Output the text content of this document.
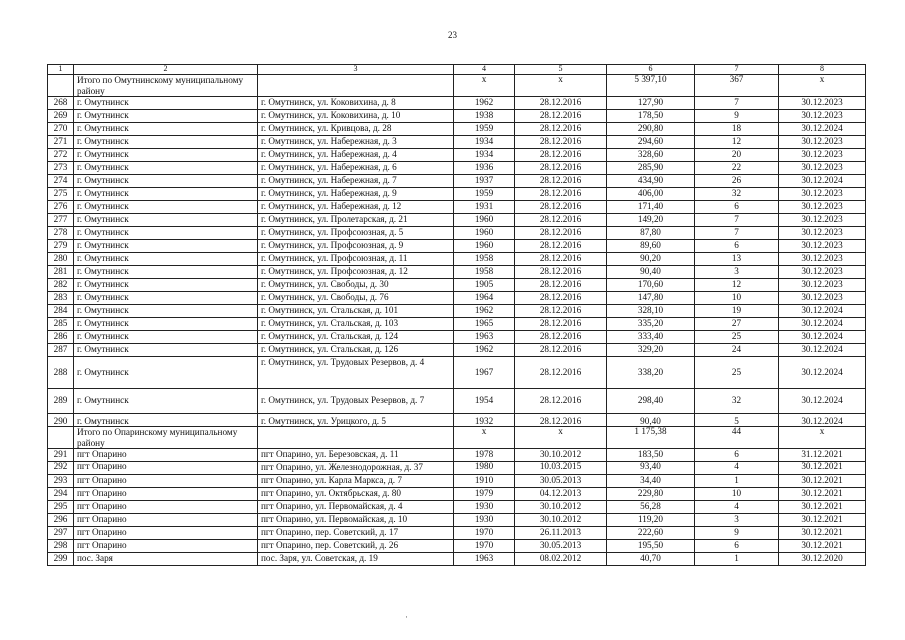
23
1	2	3	4	5	6	7	8
	Итого по Омутнинскому муниципальному району		x	x	5 397,10	367	x
268	г. Омутнинск	г. Омутнинск, ул. Коковихина, д. 8	1962	28.12.2016	127,90	7	30.12.2023
269	г. Омутнинск	г. Омутнинск, ул. Коковихина, д. 10	1938	28.12.2016	178,50	9	30.12.2023
270	г. Омутнинск	г. Омутнинск, ул. Кривцова, д. 28	1959	28.12.2016	290,80	18	30.12.2024
271	г. Омутнинск	г. Омутнинск, ул. Набережная, д. 3	1934	28.12.2016	294,60	12	30.12.2023
272	г. Омутнинск	г. Омутнинск, ул. Набережная, д. 4	1934	28.12.2016	328,60	20	30.12.2023
273	г. Омутнинск	г. Омутнинск, ул. Набережная, д. 6	1936	28.12.2016	285,90	22	30.12.2023
274	г. Омутнинск	г. Омутнинск, ул. Набережная, д. 7	1937	28.12.2016	434,90	26	30.12.2024
275	г. Омутнинск	г. Омутнинск, ул. Набережная, д. 9	1959	28.12.2016	406,00	32	30.12.2023
276	г. Омутнинск	г. Омутнинск, ул. Набережная, д. 12	1931	28.12.2016	171,40	6	30.12.2023
277	г. Омутнинск	г. Омутнинск, ул. Пролетарская, д. 21	1960	28.12.2016	149,20	7	30.12.2023
278	г. Омутнинск	г. Омутнинск, ул. Профсоюзная, д. 5	1960	28.12.2016	87,80	7	30.12.2023
279	г. Омутнинск	г. Омутнинск, ул. Профсоюзная, д. 9	1960	28.12.2016	89,60	6	30.12.2023
280	г. Омутнинск	г. Омутнинск, ул. Профсоюзная, д. 11	1958	28.12.2016	90,20	13	30.12.2023
281	г. Омутнинск	г. Омутнинск, ул. Профсоюзная, д. 12	1958	28.12.2016	90,40	3	30.12.2023
282	г. Омутнинск	г. Омутнинск, ул. Свободы, д. 30	1905	28.12.2016	170,60	12	30.12.2023
283	г. Омутнинск	г. Омутнинск, ул. Свободы, д. 76	1964	28.12.2016	147,80	10	30.12.2023
284	г. Омутнинск	г. Омутнинск, ул. Стальская, д. 101	1962	28.12.2016	328,10	19	30.12.2024
285	г. Омутнинск	г. Омутнинск, ул. Стальская, д. 103	1965	28.12.2016	335,20	27	30.12.2024
286	г. Омутнинск	г. Омутнинск, ул. Стальская, д. 124	1963	28.12.2016	333,40	25	30.12.2024
287	г. Омутнинск	г. Омутнинск, ул. Стальская, д. 126	1962	28.12.2016	329,20	24	30.12.2024
288	г. Омутнинск	г. Омутнинск, ул. Трудовых Резервов, д. 4	1967	28.12.2016	338,20	25	30.12.2024
289	г. Омутнинск	г. Омутнинск, ул. Трудовых Резервов, д. 7	1954	28.12.2016	298,40	32	30.12.2024
290	г. Омутнинск	г. Омутнинск, ул. Урицкого, д. 5	1932	28.12.2016	90,40	5	30.12.2024
	Итого по Опаринскому муниципальному району		x	x	1 175,38	44	x
291	пгт Опарино	пгт Опарино, ул. Березовская, д. 11	1978	30.10.2012	183,50	6	31.12.2021
292	пгт Опарино	пгт Опарино, ул. Железнодорожная, д. 37	1980	10.03.2015	93,40	4	30.12.2021
293	пгт Опарино	пгт Опарино, ул. Карла Маркса, д. 7	1910	30.05.2013	34,40	1	30.12.2021
294	пгт Опарино	пгт Опарино, ул. Октябрьская, д. 80	1979	04.12.2013	229,80	10	30.12.2021
295	пгт Опарино	пгт Опарино, ул. Первомайская, д. 4	1930	30.10.2012	56,28	4	30.12.2021
296	пгт Опарино	пгт Опарино, ул. Первомайская, д. 10	1930	30.10.2012	119,20	3	30.12.2021
297	пгт Опарино	пгт Опарино, пер. Советский, д. 17	1970	26.11.2013	222,60	9	30.12.2021
298	пгт Опарино	пгт Опарино, пер. Советский, д. 26	1970	30.05.2013	195,50	6	30.12.2021
299	пос. Заря	пос. Заря, ул. Советская, д. 19	1963	08.02.2012	40,70	1	30.12.2020
·
